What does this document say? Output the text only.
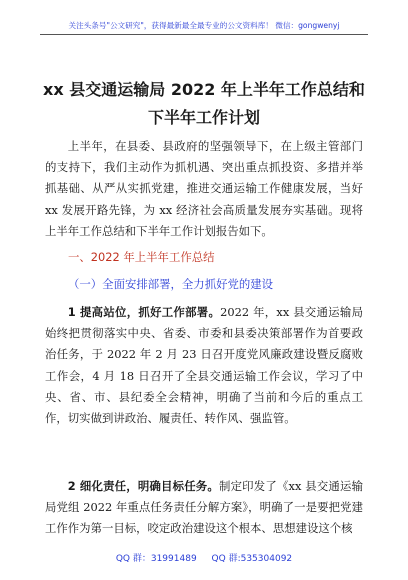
关注头条号"公文研究"，获得最新最全最专业的公文资料库！ 微信：gongwenyj
xx 县交通运输局 2022 年上半年工作总结和
下半年工作计划
上半年，在县委、县政府的坚强领导下，在上级主管部门的支持下，我们主动作为抓机遇、突出重点抓投资、多措并举抓基础、从严从实抓党建，推进交通运输工作健康发展，当好 xx 发展开路先锋，为 xx 经济社会高质量发展夯实基础。现将上半年工作总结和下半年工作计划报告如下。
一、2022 年上半年工作总结
（一）全面安排部署，全力抓好党的建设
1 提高站位，抓好工作部署。2022 年，xx 县交通运输局始终把贯彻落实中央、省委、市委和县委决策部署作为首要政治任务，于 2022 年 2 月 23 日召开度党风廉政建设暨反腐败工作会，4 月 18 日召开了全县交通运输工作会议，学习了中央、省、市、县纪委全会精神，明确了当前和今后的重点工作，切实做到讲政治、履责任、转作风、强监管。
2 细化责任，明确目标任务。制定印发了《xx 县交通运输局党组 2022 年重点任务责任分解方案》，明确了一是要把党建工作作为第一目标，咬定政治建设这个根本、思想建设这个核
QQ 群：31991489 QQ 群:535304092
